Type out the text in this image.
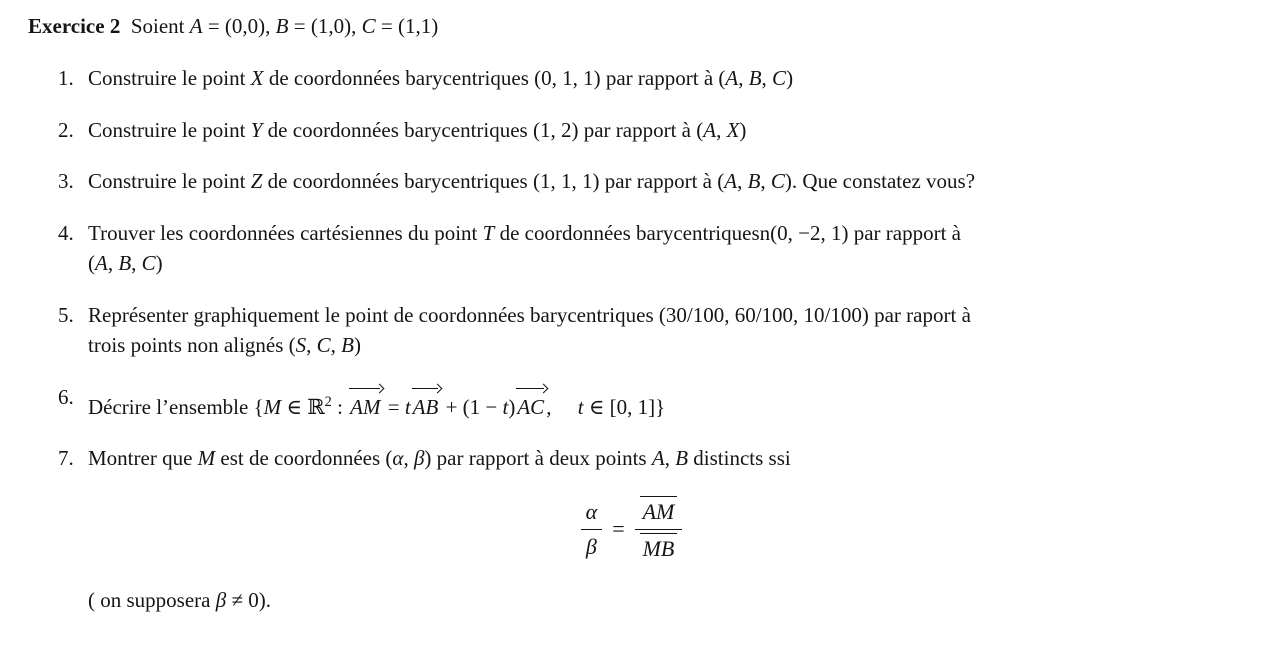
Exercice 2 Soient A = (0,0), B = (1,0), C = (1,1)
1. Construire le point X de coordonnées barycentriques (0, 1, 1) par rapport à (A, B, C)
2. Construire le point Y de coordonnées barycentriques (1, 2) par rapport à (A, X)
3. Construire le point Z de coordonnées barycentriques (1, 1, 1) par rapport à (A, B, C). Que constatez vous?
4. Trouver les coordonnées cartésiennes du point T de coordonnées barycentriquesn(0, −2, 1) par rapport à
(A, B, C)
5. Représenter graphiquement le point de coordonnées barycentriques (30/100, 60/100, 10/100) par raport à
trois points non alignés (S, C, B)
6. Décrire l’ensemble {M ∈ ℝ$^2$ :
AM = t
AB + (1 − t)
AC,  t ∈ [0, 1]}
7. Montrer que M est de coordonnées (α, β) par rapport à deux points A, B distincts ssi
$\frac{\alpha}{\beta} = \frac{AM}{MB}$
( on supposera β ≠ 0).
